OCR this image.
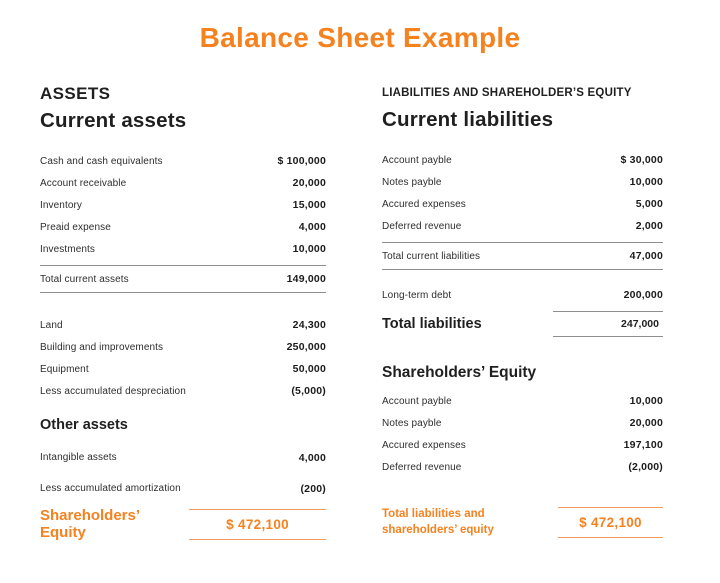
Balance Sheet Example
ASSETS
Current assets
Cash and cash equivalents	$ 100,000
Account receivable	20,000
Inventory	15,000
Preaid expense	4,000
Investments	10,000
Total current assets	149,000
Land	24,300
Building and improvements	250,000
Equipment	50,000
Less accumulated despreciation	(5,000)
Other assets
Intangible assets	4,000
Less accumulated amortization	(200)
Shareholders’ Equity	$ 472,100
LIABILITIES AND SHAREHOLDER’S EQUITY
Current liabilities
Account payble	$ 30,000
Notes payble	10,000
Accured expenses	5,000
Deferred revenue	2,000
Total current liabilities	47,000
Long-term debt	200,000
Total liabilities	247,000
Shareholders’ Equity
Account payble	10,000
Notes payble	20,000
Accured expenses	197,100
Deferred revenue	(2,000)
Total liabilities and shareholders’ equity	$ 472,100
